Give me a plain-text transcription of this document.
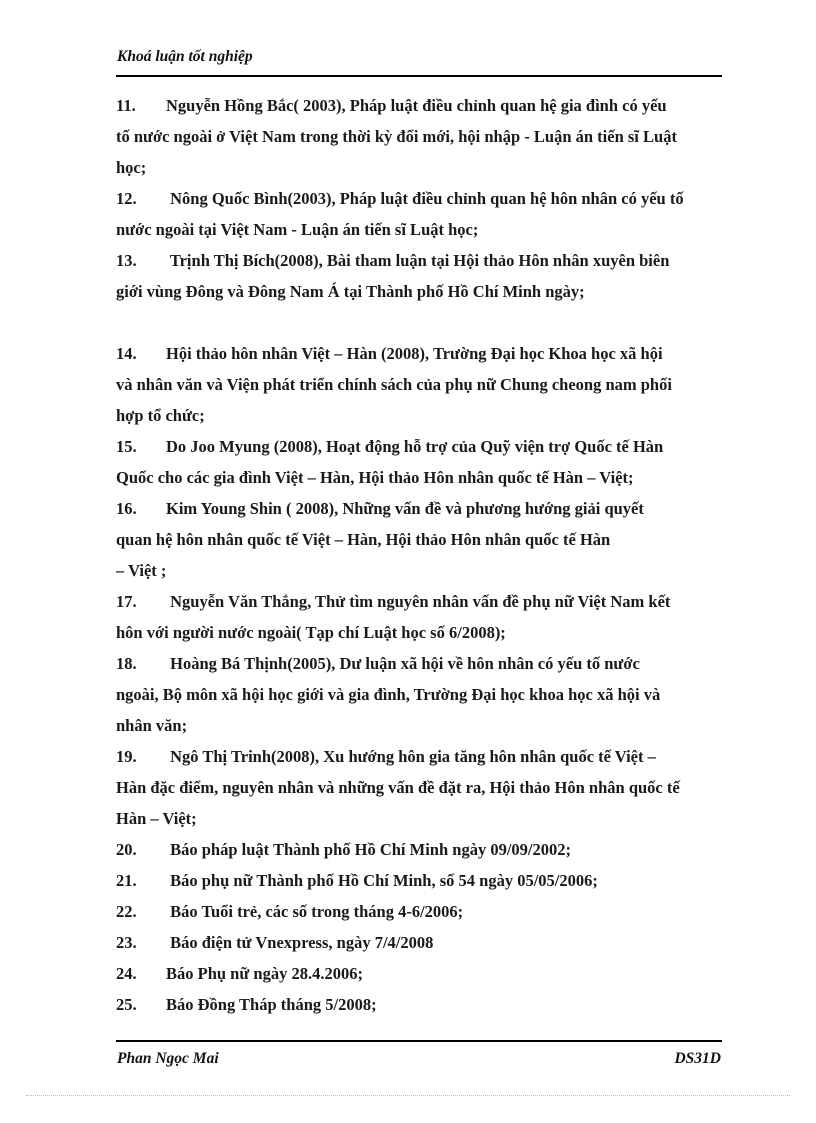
Khoá luận tốt nghiệp
11. Nguyễn Hồng Bắc( 2003), Pháp luật điều chỉnh quan hệ gia đình có yếu
tố nước ngoài ở Việt Nam trong thời kỳ đổi mới, hội nhập - Luận án tiến sĩ Luật
học;
12. Nông Quốc Bình(2003), Pháp luật điều chỉnh quan hệ hôn nhân có yếu tố
nước ngoài tại Việt Nam - Luận án tiến sĩ Luật học;
13. Trịnh Thị Bích(2008), Bài tham luận tại Hội thảo Hôn nhân xuyên biên
giới vùng Đông và Đông Nam Á tại Thành phố Hồ Chí Minh ngày;
14. Hội thảo hôn nhân Việt – Hàn (2008), Trường Đại học Khoa học xã hội
và nhân văn và Viện phát triển chính sách của phụ nữ Chung cheong nam phối
hợp tổ chức;
15. Do Joo Myung (2008), Hoạt động hỗ trợ của Quỹ viện trợ Quốc tế Hàn
Quốc cho các gia đình Việt – Hàn, Hội thảo Hôn nhân quốc tế Hàn – Việt;
16. Kim Young Shin ( 2008), Những vấn đề và phương hướng giải quyết
quan hệ hôn nhân quốc tế Việt – Hàn, Hội thảo Hôn nhân quốc tế Hàn
– Việt ;
17. Nguyễn Văn Thắng, Thử tìm nguyên nhân vấn đề phụ nữ Việt Nam kết
hôn với người nước ngoài( Tạp chí Luật học số 6/2008);
18. Hoàng Bá Thịnh(2005), Dư luận xã hội về hôn nhân có yếu tố nước
ngoài, Bộ môn xã hội học giới và gia đình, Trường Đại học khoa học xã hội và
nhân văn;
19. Ngô Thị Trinh(2008), Xu hướng hôn gia tăng hôn nhân quốc tế Việt –
Hàn đặc điểm, nguyên nhân và những vấn đề đặt ra, Hội thảo Hôn nhân quốc tế
Hàn – Việt;
20. Báo pháp luật Thành phố Hồ Chí Minh ngày 09/09/2002;
21. Báo phụ nữ Thành phố Hồ Chí Minh, số 54 ngày 05/05/2006;
22. Báo Tuổi trẻ, các số trong tháng 4-6/2006;
23. Báo điện tử Vnexpress, ngày 7/4/2008
24. Báo Phụ nữ ngày 28.4.2006;
25. Báo Đồng Tháp tháng 5/2008;
Phan Ngọc Mai	DS31D
